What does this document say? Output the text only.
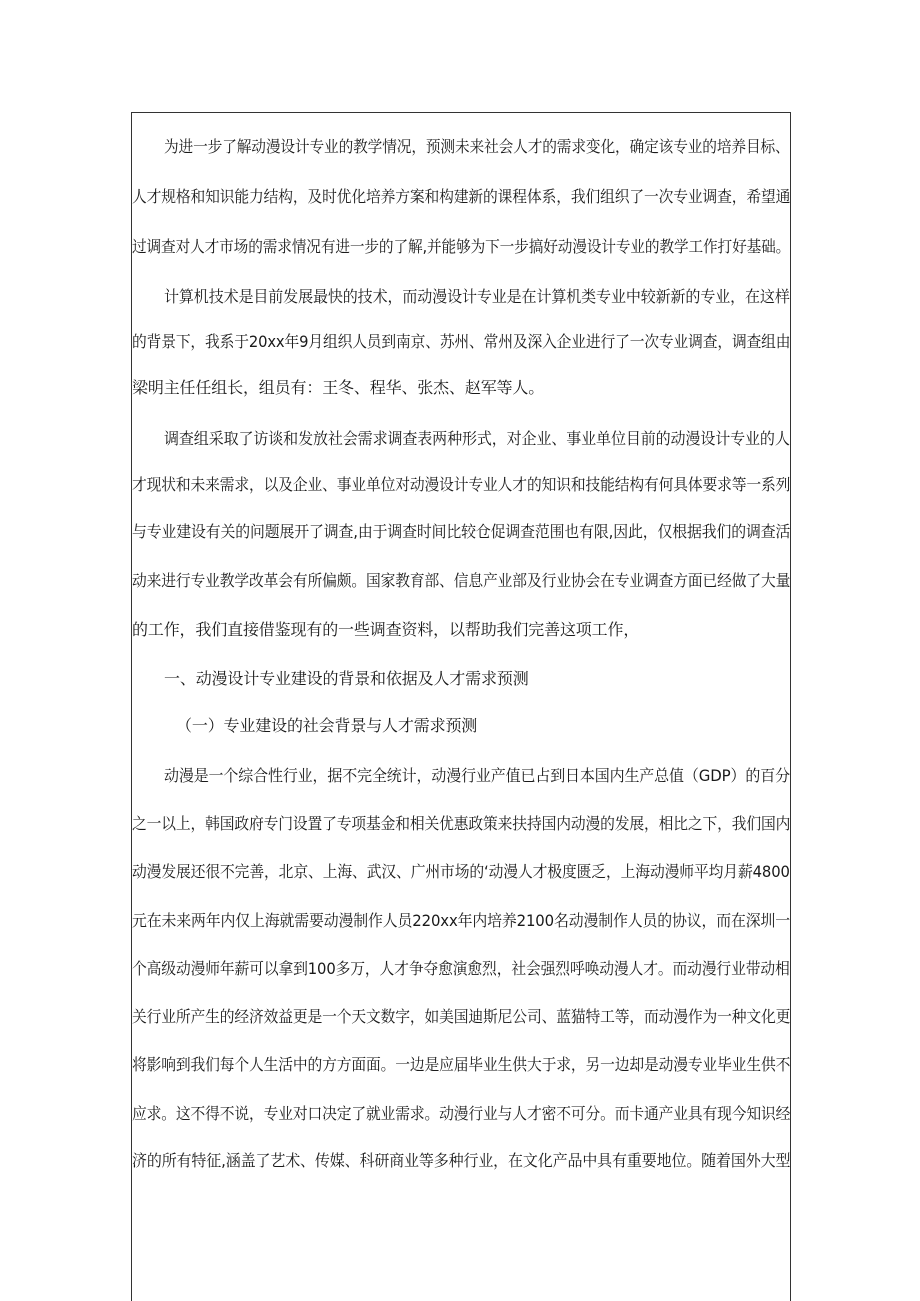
为进一步了解动漫设计专业的教学情况，预测未来社会人才的需求变化，确定该专业的培养目标、
人才规格和知识能力结构，及时优化培养方案和构建新的课程体系，我们组织了一次专业调查，希望通
过调查对人才市场的需求情况有进一步的了解,并能够为下一步搞好动漫设计专业的教学工作打好基础。
计算机技术是目前发展最快的技术，而动漫设计专业是在计算机类专业中较新新的专业，在这样
的背景下，我系于20xx年9月组织人员到南京、苏州、常州及深入企业进行了一次专业调查，调查组由
梁明主任任组长，组员有：王冬、程华、张杰、赵军等人。
调查组采取了访谈和发放社会需求调查表两种形式，对企业、事业单位目前的动漫设计专业的人
才现状和未来需求，以及企业、事业单位对动漫设计专业人才的知识和技能结构有何具体要求等一系列
与专业建设有关的问题展开了调查,由于调查时间比较仓促调查范围也有限,因此，仅根据我们的调查活
动来进行专业教学改革会有所偏颇。国家教育部、信息产业部及行业协会在专业调查方面已经做了大量
的工作，我们直接借鉴现有的一些调查资料，以帮助我们完善这项工作，
一、动漫设计专业建设的背景和依据及人才需求预测
（一）专业建设的社会背景与人才需求预测
动漫是一个综合性行业，据不完全统计，动漫行业产值已占到日本国内生产总值（GDP）的百分
之一以上，韩国政府专门设置了专项基金和相关优惠政策来扶持国内动漫的发展，相比之下，我们国内
动漫发展还很不完善，北京、上海、武汉、广州市场的‘动漫人才极度匮乏，上海动漫师平均月薪4800
元在未来两年内仅上海就需要动漫制作人员220xx年内培养2100名动漫制作人员的协议，而在深圳一
个高级动漫师年薪可以拿到100多万，人才争夺愈演愈烈，社会强烈呼唤动漫人才。而动漫行业带动相
关行业所产生的经济效益更是一个天文数字，如美国迪斯尼公司、蓝猫特工等，而动漫作为一种文化更
将影响到我们每个人生活中的方方面面。一边是应届毕业生供大于求，另一边却是动漫专业毕业生供不
应求。这不得不说，专业对口决定了就业需求。动漫行业与人才密不可分。而卡通产业具有现今知识经
济的所有特征,涵盖了艺术、传媒、科研商业等多种行业，在文化产品中具有重要地位。随着国外大型
